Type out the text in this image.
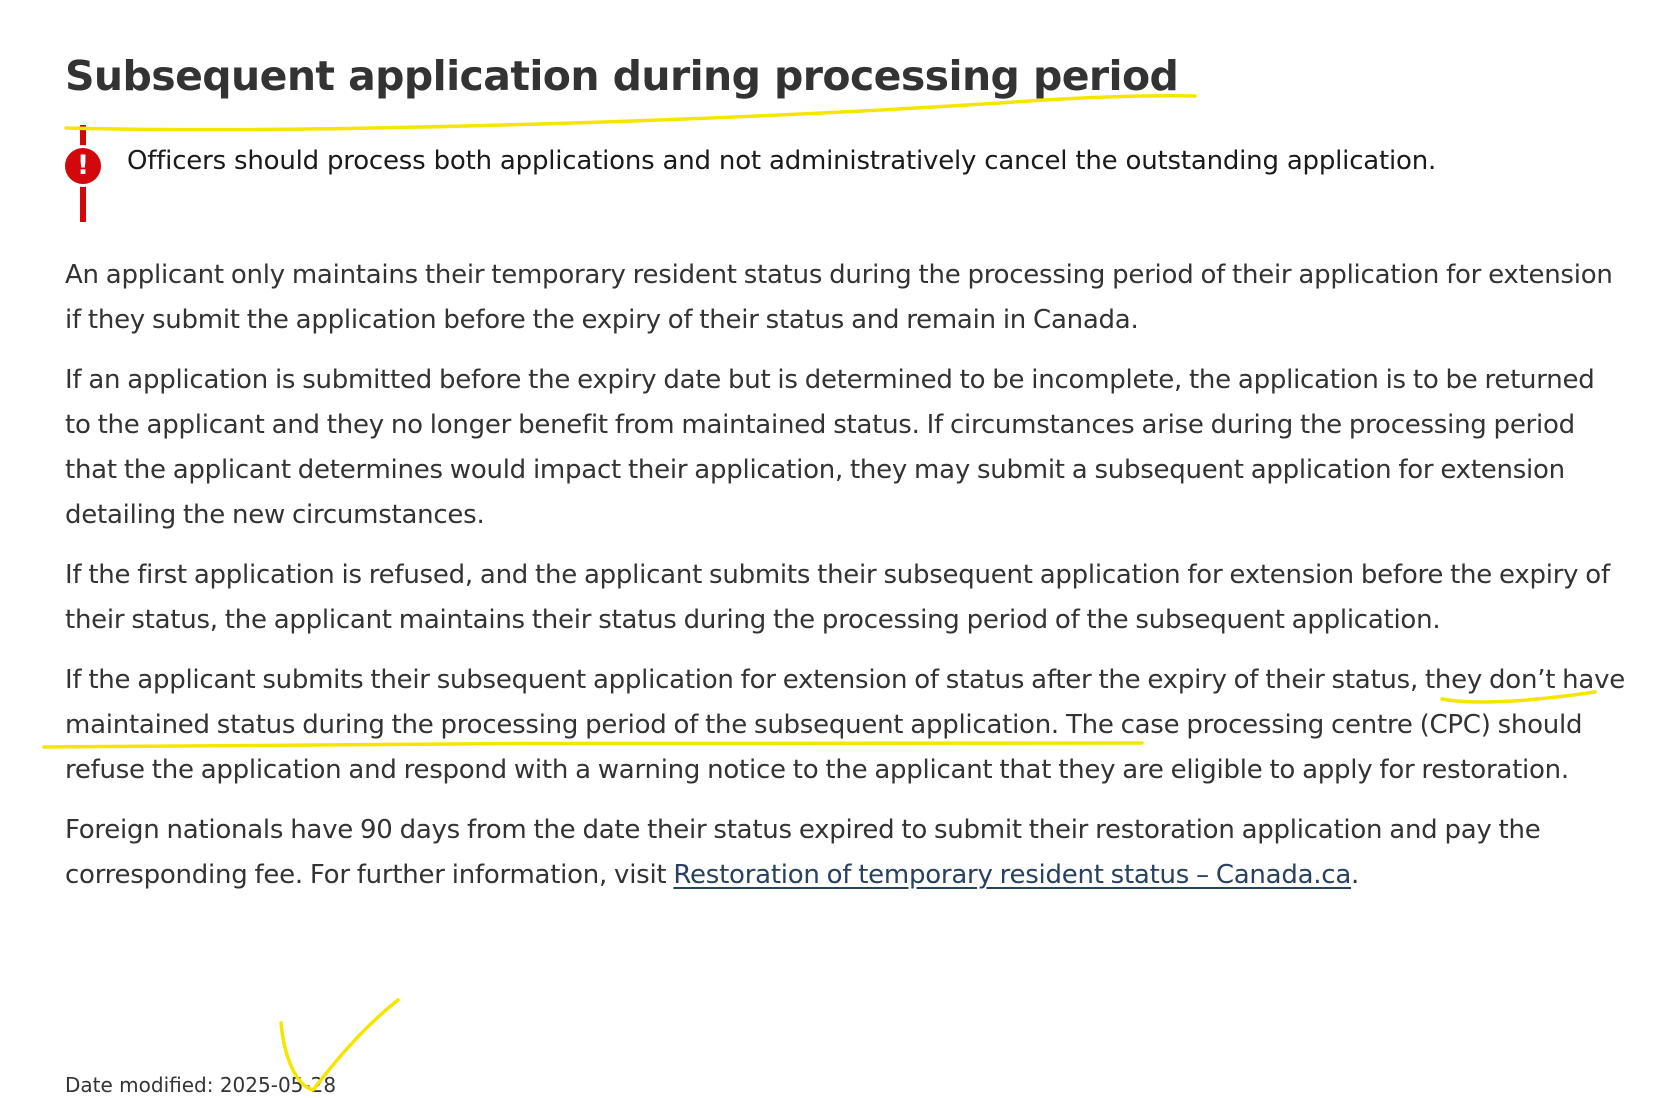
Subsequent application during processing period
!	Officers should process both applications and not administratively cancel the outstanding application.

An applicant only maintains their temporary resident status during the processing period of their application for extension if they submit the application before the expiry of their status and remain in Canada.

If an application is submitted before the expiry date but is determined to be incomplete, the application is to be returned to the applicant and they no longer benefit from maintained status. If circumstances arise during the processing period that the applicant determines would impact their application, they may submit a subsequent application for extension detailing the new circumstances.

If the first application is refused, and the applicant submits their subsequent application for extension before the expiry of their status, the applicant maintains their status during the processing period of the subsequent application.

If the applicant submits their subsequent application for extension of status after the expiry of their status, they don’t have maintained status during the processing period of the subsequent application. The case processing centre (CPC) should refuse the application and respond with a warning notice to the applicant that they are eligible to apply for restoration.

Foreign nationals have 90 days from the date their status expired to submit their restoration application and pay the corresponding fee. For further information, visit Restoration of temporary resident status – Canada.ca.

Date modified: 2025-05-28
